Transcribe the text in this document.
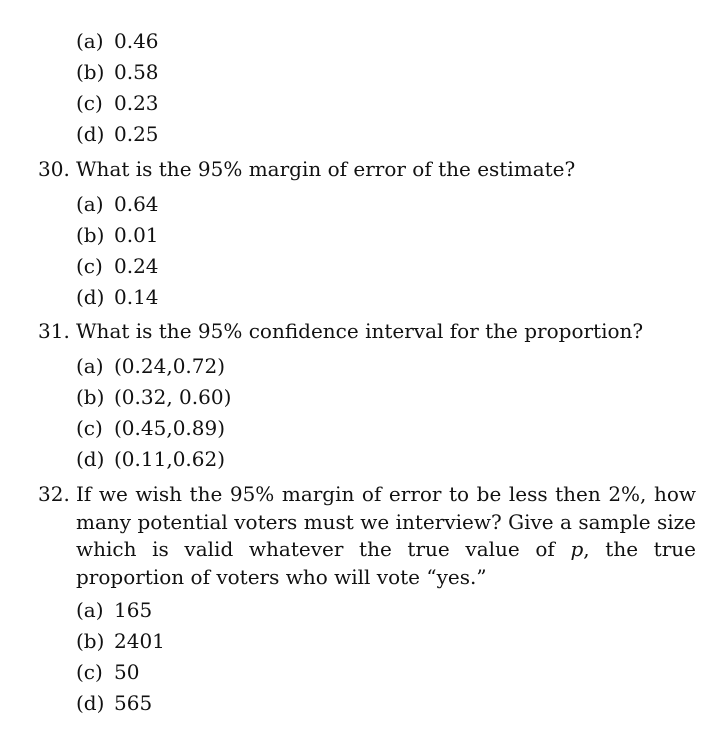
(a) 0.46
(b) 0.58
(c) 0.23
(d) 0.25
30. What is the 95% margin of error of the estimate?
(a) 0.64
(b) 0.01
(c) 0.24
(d) 0.14
31. What is the 95% confidence interval for the proportion?
(a) (0.24,0.72)
(b) (0.32, 0.60)
(c) (0.45,0.89)
(d) (0.11,0.62)
32. If we wish the 95% margin of error to be less then 2%, how many potential voters must we interview? Give a sample size which is valid whatever the true value of p, the true proportion of voters who will vote “yes.”
(a) 165
(b) 2401
(c) 50
(d) 565
